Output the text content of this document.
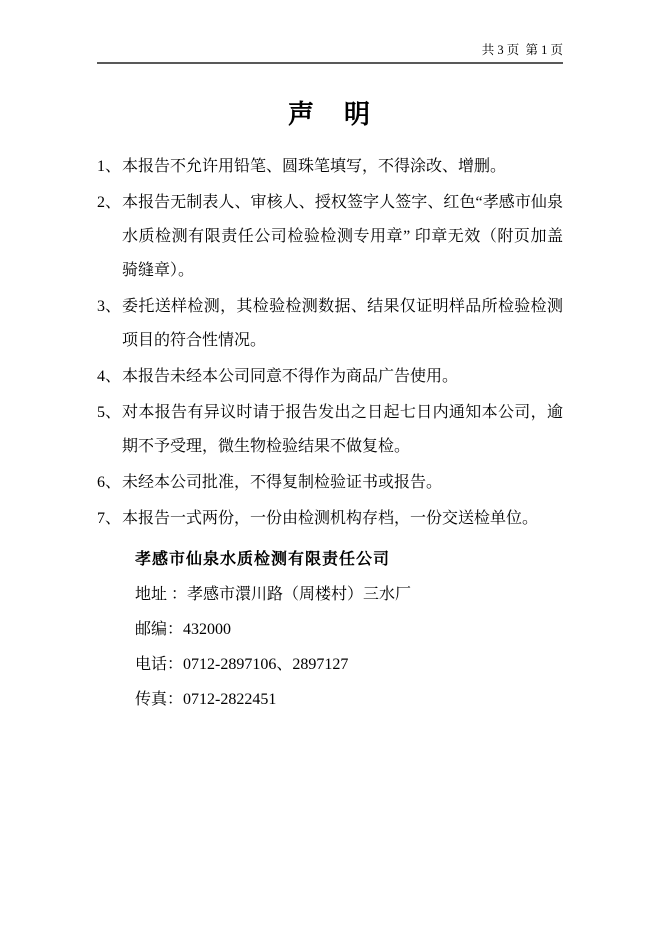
共 3 页  第 1 页
声　明
1、 本报告不允许用铅笔、圆珠笔填写，不得涂改、增删。
2、 本报告无制表人、审核人、授权签字人签字、红色“孝感市仙泉水质检测有限责任公司检验检测专用章” 印章无效（附页加盖骑缝章）。
3、 委托送样检测，其检验检测数据、结果仅证明样品所检验检测项目的符合性情况。
4、 本报告未经本公司同意不得作为商品广告使用。
5、 对本报告有异议时请于报告发出之日起七日内通知本公司，逾期不予受理，微生物检验结果不做复检。
6、 未经本公司批准，不得复制检验证书或报告。
7、 本报告一式两份，一份由检测机构存档，一份交送检单位。
孝感市仙泉水质检测有限责任公司
地址 ：孝感市澴川路（周楼村）三水厂
邮编：432000
电话：0712-2897106、2897127
传真：0712-2822451
